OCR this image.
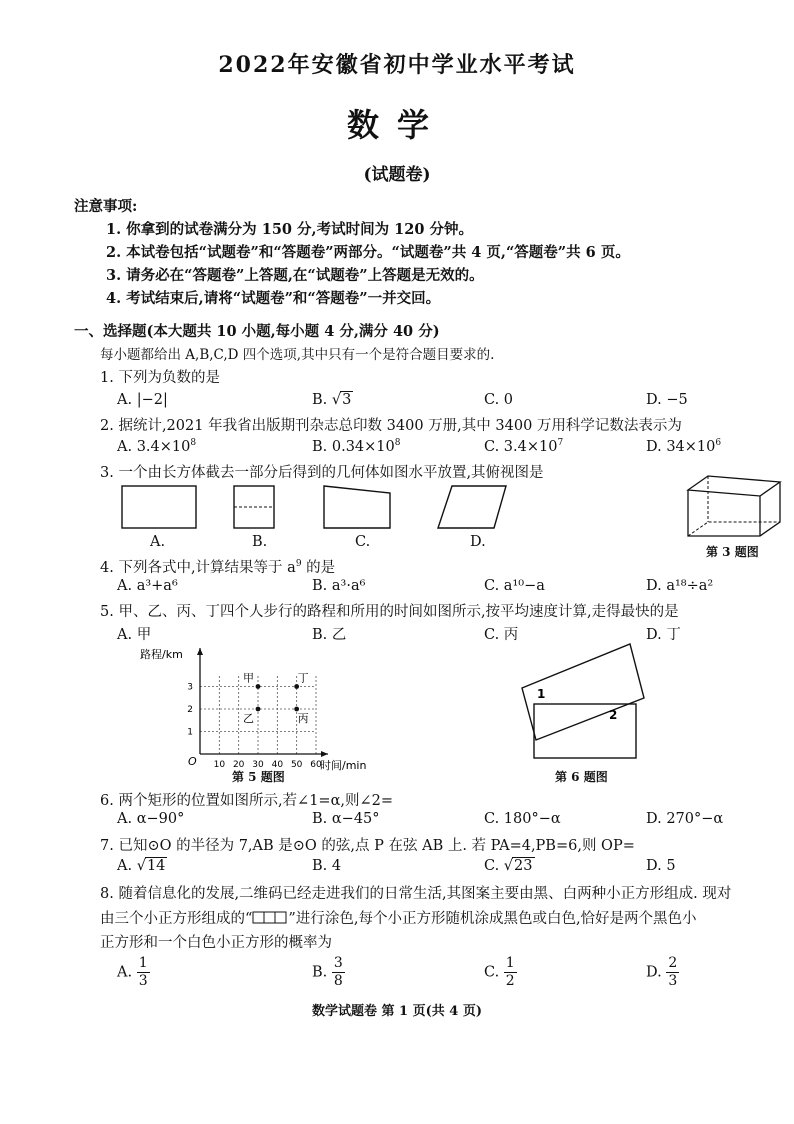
2022年安徽省初中学业水平考试
数学
(试题卷)
注意事项:
1. 你拿到的试卷满分为 150 分,考试时间为 120 分钟。
2. 本试卷包括“试题卷”和“答题卷”两部分。“试题卷”共 4 页,“答题卷”共 6 页。
3. 请务必在“答题卷”上答题,在“试题卷”上答题是无效的。
4. 考试结束后,请将“试题卷”和“答题卷”一并交回。
一、选择题(本大题共 10 小题,每小题 4 分,满分 40 分)
每小题都给出 A,B,C,D 四个选项,其中只有一个是符合题目要求的.
1. 下列为负数的是
A. |−2|	B. √3	C. 0	D. −5
2. 据统计,2021 年我省出版期刊杂志总印数 3400 万册,其中 3400 万用科学记数法表示为
A. $3.4\times 10^8$	B. $0.34\times 10^8$	C. $3.4\times 10^7$	D. $34\times 10^6$
3. 一个由长方体截去一部分后得到的几何体如图水平放置,其俯视图是
A.	B.	C.	D.
第 3 题图
4. 下列各式中,计算结果等于 $a^9$ 的是
A. a³+a⁶	B. a³·a⁶	C. a¹⁰−a	D. a¹⁸÷a²
5. 甲、乙、丙、丁四个人步行的路程和所用的时间如图所示,按平均速度计算,走得最快的是
A. 甲	B. 乙	C. 丙	D. 丁
10 20 30 40 50 60
1
2
3
甲
乙
丁
丙
路程/km
时间/min
O
第 5 题图
1
2
第 6 题图
6. 两个矩形的位置如图所示,若∠1=α,则∠2=
A. α−90°	B. α−45°	C. 180°−α	D. 270°−α
7. 已知⊙O 的半径为 7,AB 是⊙O 的弦,点 P 在弦 AB 上. 若 PA=4,PB=6,则 OP=
A. √14	B. 4	C. √23	D. 5
8. 随着信息化的发展,二维码已经走进我们的日常生活,其图案主要由黑、白两种小正方形组成. 现对
由三个小正方形组成的“ ”进行涂色,每个小正方形随机涂成黑色或白色,恰好是两个黑色小
正方形和一个白色小正方形的概率为
A. $\frac{1}{3}$	B. $\frac{3}{8}$	C. $\frac{1}{2}$	D. $\frac{2}{3}$
数学试题卷 第 1 页(共 4 页)
